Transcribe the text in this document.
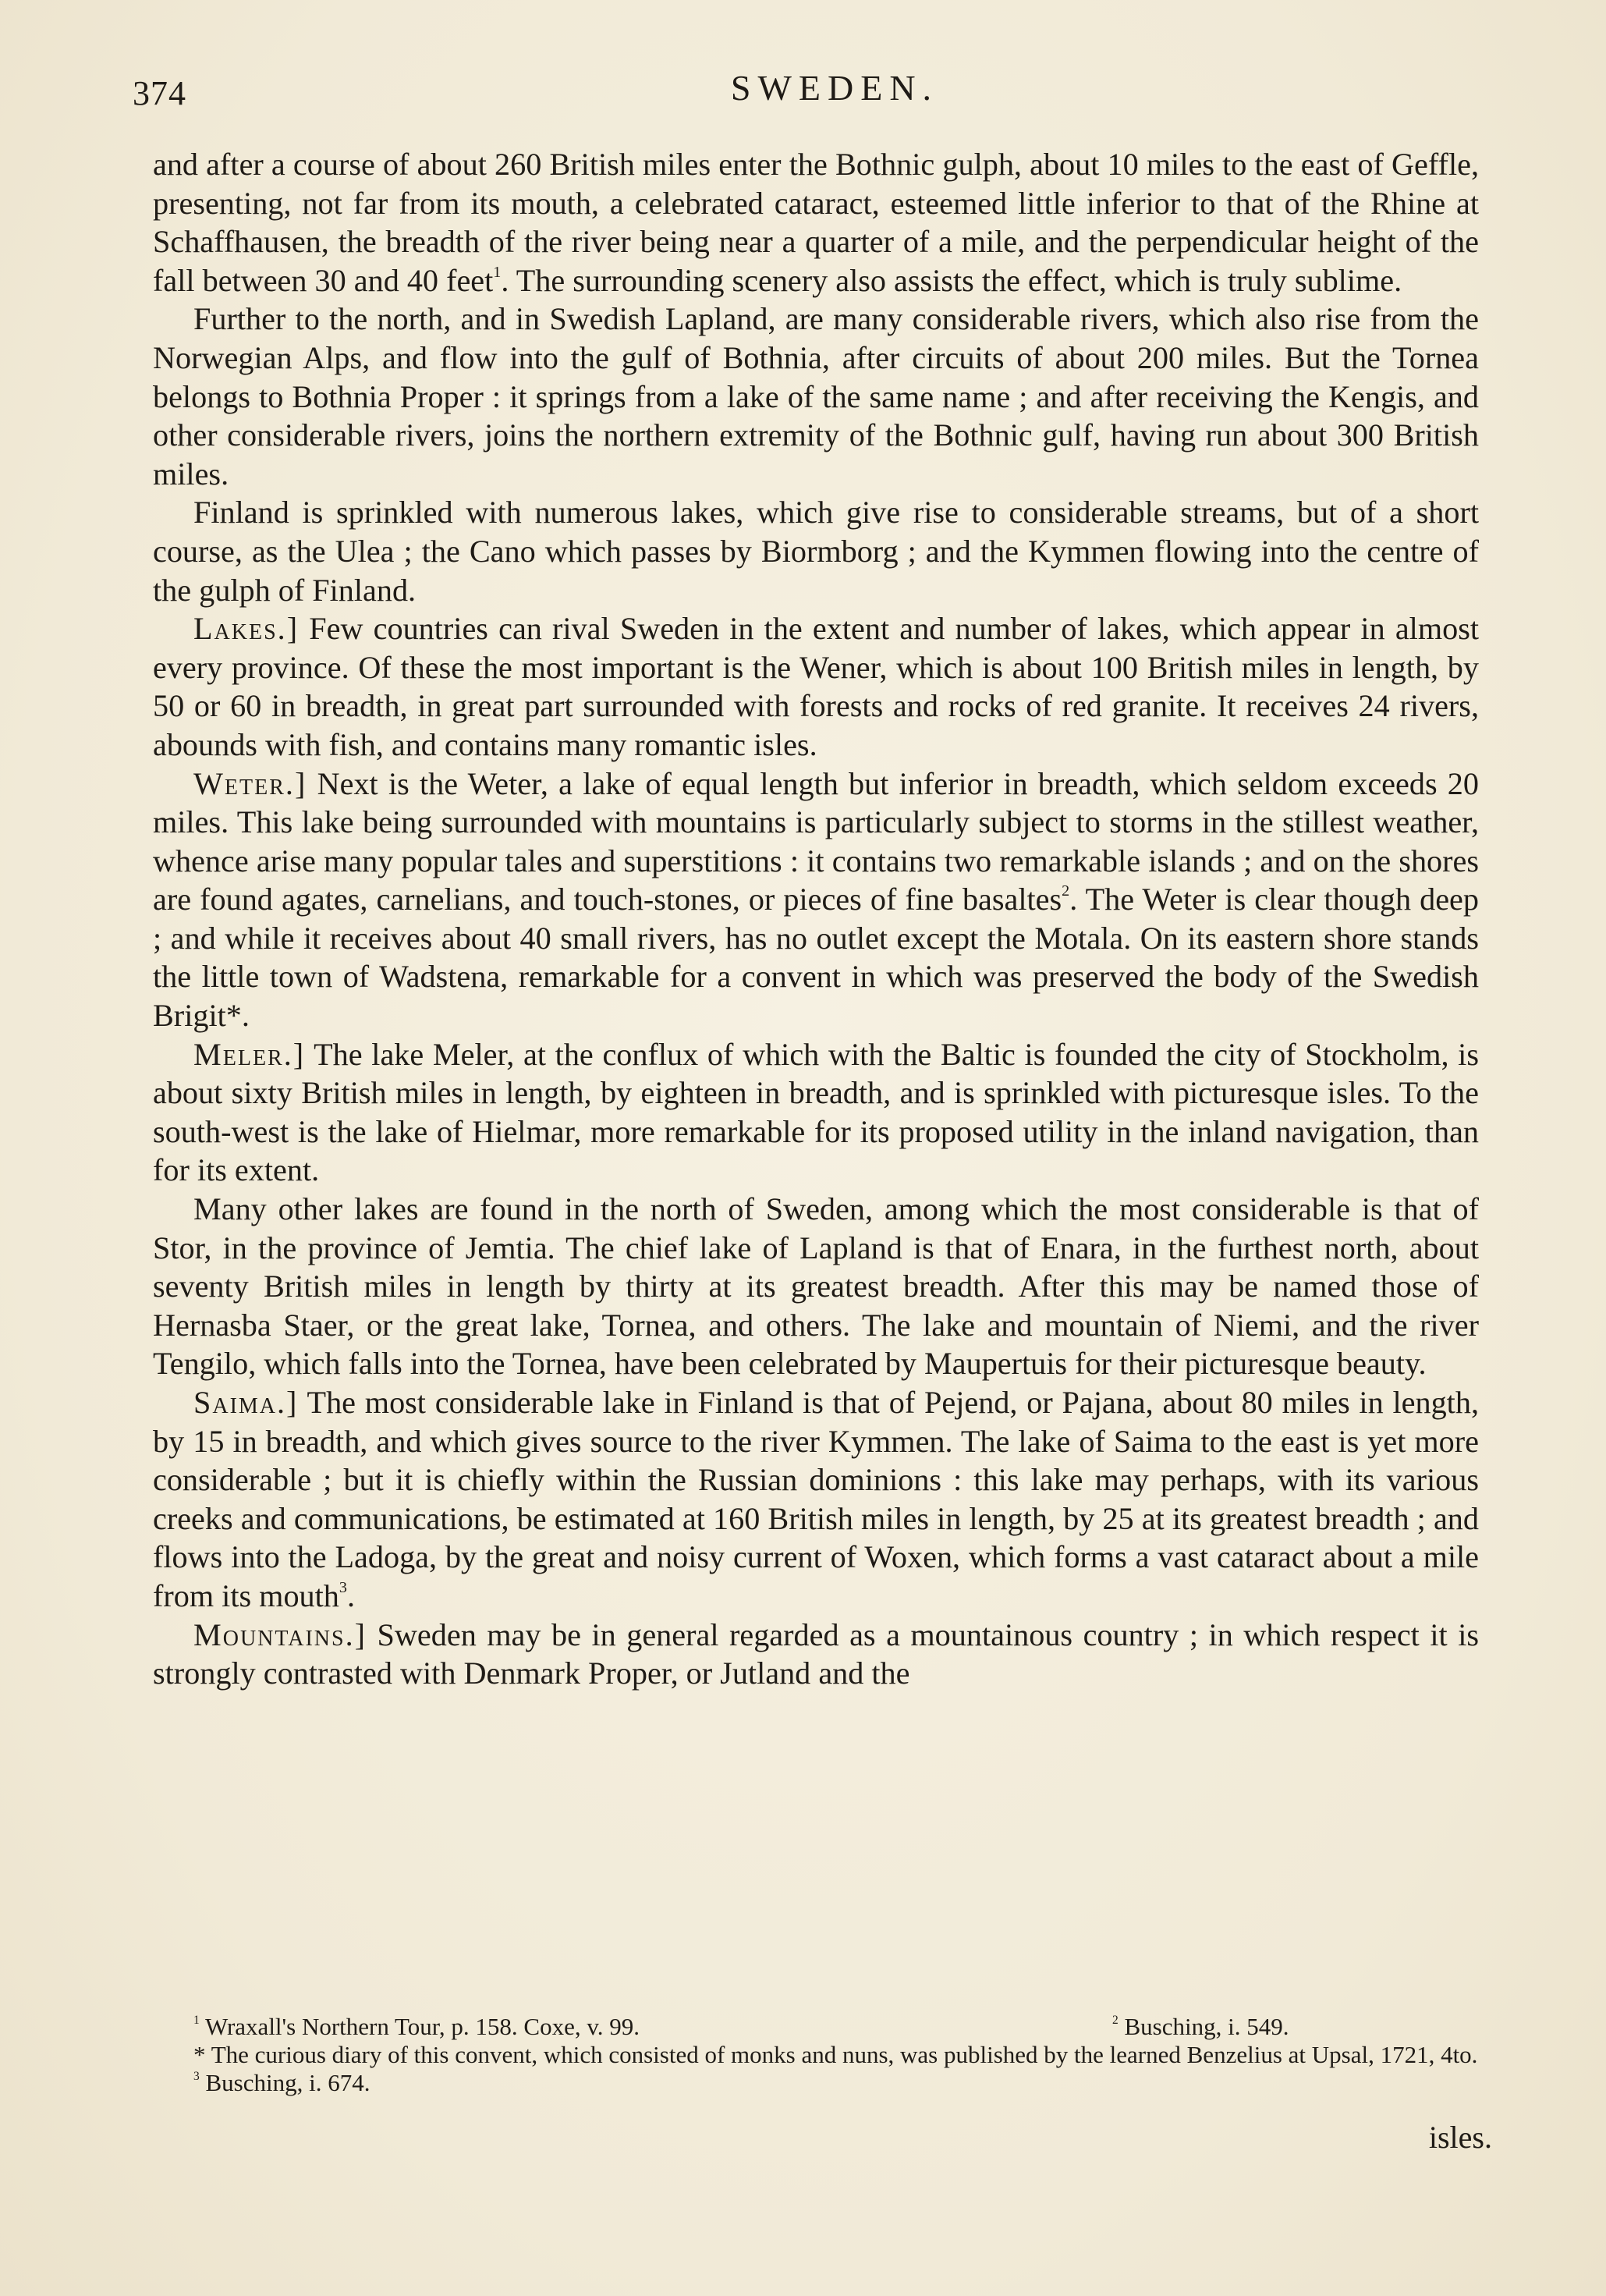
374	SWEDEN.

and after a course of about 260 British miles enter the Bothnic gulph, about 10 miles to the east of Geffle, presenting, not far from its mouth, a celebrated cataract, esteemed little inferior to that of the Rhine at Schaffhausen, the breadth of the river being near a quarter of a mile, and the perpendicular height of the fall between 30 and 40 feet$^1$. The surrounding scenery also assists the effect, which is truly sublime.

Further to the north, and in Swedish Lapland, are many considerable rivers, which also rise from the Norwegian Alps, and flow into the gulf of Bothnia, after circuits of about 200 miles. But the Tornea belongs to Bothnia Proper : it springs from a lake of the same name ; and after receiving the Kengis, and other considerable rivers, joins the northern extremity of the Bothnic gulf, having run about 300 British miles.

Finland is sprinkled with numerous lakes, which give rise to considerable streams, but of a short course, as the Ulea ; the Cano which passes by Biormborg ; and the Kymmen flowing into the centre of the gulph of Finland.

Lakes.] Few countries can rival Sweden in the extent and number of lakes, which appear in almost every province. Of these the most important is the Wener, which is about 100 British miles in length, by 50 or 60 in breadth, in great part surrounded with forests and rocks of red granite. It receives 24 rivers, abounds with fish, and contains many romantic isles.

Weter.] Next is the Weter, a lake of equal length but inferior in breadth, which seldom exceeds 20 miles. This lake being surrounded with mountains is particularly subject to storms in the stillest weather, whence arise many popular tales and superstitions : it contains two remarkable islands ; and on the shores are found agates, carnelians, and touch-stones, or pieces of fine basaltes$^2$. The Weter is clear though deep ; and while it receives about 40 small rivers, has no outlet except the Motala. On its eastern shore stands the little town of Wadstena, remarkable for a convent in which was preserved the body of the Swedish Brigit*.

Meler.] The lake Meler, at the conflux of which with the Baltic is founded the city of Stockholm, is about sixty British miles in length, by eighteen in breadth, and is sprinkled with picturesque isles. To the south-west is the lake of Hielmar, more remarkable for its proposed utility in the inland navigation, than for its extent.

Many other lakes are found in the north of Sweden, among which the most considerable is that of Stor, in the province of Jemtia. The chief lake of Lapland is that of Enara, in the furthest north, about seventy British miles in length by thirty at its greatest breadth. After this may be named those of Hernasba Staer, or the great lake, Tornea, and others. The lake and mountain of Niemi, and the river Tengilo, which falls into the Tornea, have been celebrated by Maupertuis for their picturesque beauty.

Saima.] The most considerable lake in Finland is that of Pejend, or Pajana, about 80 miles in length, by 15 in breadth, and which gives source to the river Kymmen. The lake of Saima to the east is yet more considerable ; but it is chiefly within the Russian dominions : this lake may perhaps, with its various creeks and communications, be estimated at 160 British miles in length, by 25 at its greatest breadth ; and flows into the Ladoga, by the great and noisy current of Woxen, which forms a vast cataract about a mile from its mouth$^3$.

Mountains.] Sweden may be in general regarded as a mountainous country ; in which respect it is strongly contrasted with Denmark Proper, or Jutland and the

$^1$ Wraxall's Northern Tour, p. 158. Coxe, v. 99.	$^2$ Busching, i. 549.

* The curious diary of this convent, which consisted of monks and nuns, was published by the learned Benzelius at Upsal, 1721, 4to.

$^3$ Busching, i. 674.

isles.
